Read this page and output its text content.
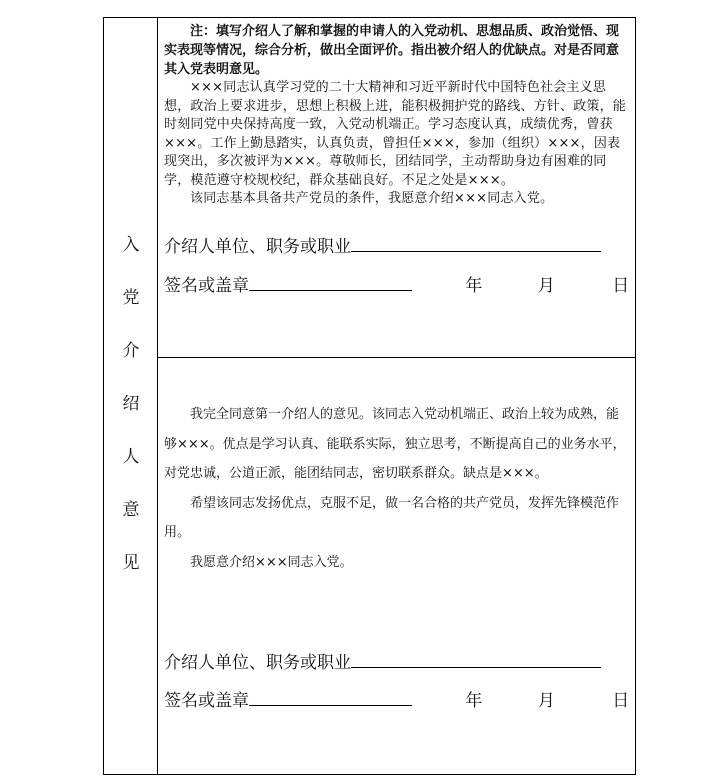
入
党
介
绍
人
意
见

注：填写介绍人了解和掌握的申请人的入党动机、思想品质、政治觉悟、现实表现等情况，综合分析，做出全面评价。指出被介绍人的优缺点。对是否同意其入党表明意见。

×××同志认真学习党的二十大精神和习近平新时代中国特色社会主义思想，政治上要求进步，思想上积极上进，能积极拥护党的路线、方针、政策，能时刻同党中央保持高度一致，入党动机端正。学习态度认真，成绩优秀，曾获×××。工作上勤恳踏实，认真负责，曾担任×××，参加（组织）×××，因表现突出，多次被评为×××。尊敬师长，团结同学，主动帮助身边有困难的同学，模范遵守校规校纪，群众基础良好。不足之处是×××。

该同志基本具备共产党员的条件，我愿意介绍×××同志入党。

介绍人单位、职务或职业
签名或盖章	年	月	日

我完全同意第一介绍人的意见。该同志入党动机端正、政治上较为成熟，能够×××。优点是学习认真、能联系实际，独立思考，不断提高自己的业务水平，对党忠诚，公道正派，能团结同志，密切联系群众。缺点是×××。

希望该同志发扬优点，克服不足，做一名合格的共产党员，发挥先锋模范作用。

我愿意介绍×××同志入党。

介绍人单位、职务或职业
签名或盖章	年	月	日
